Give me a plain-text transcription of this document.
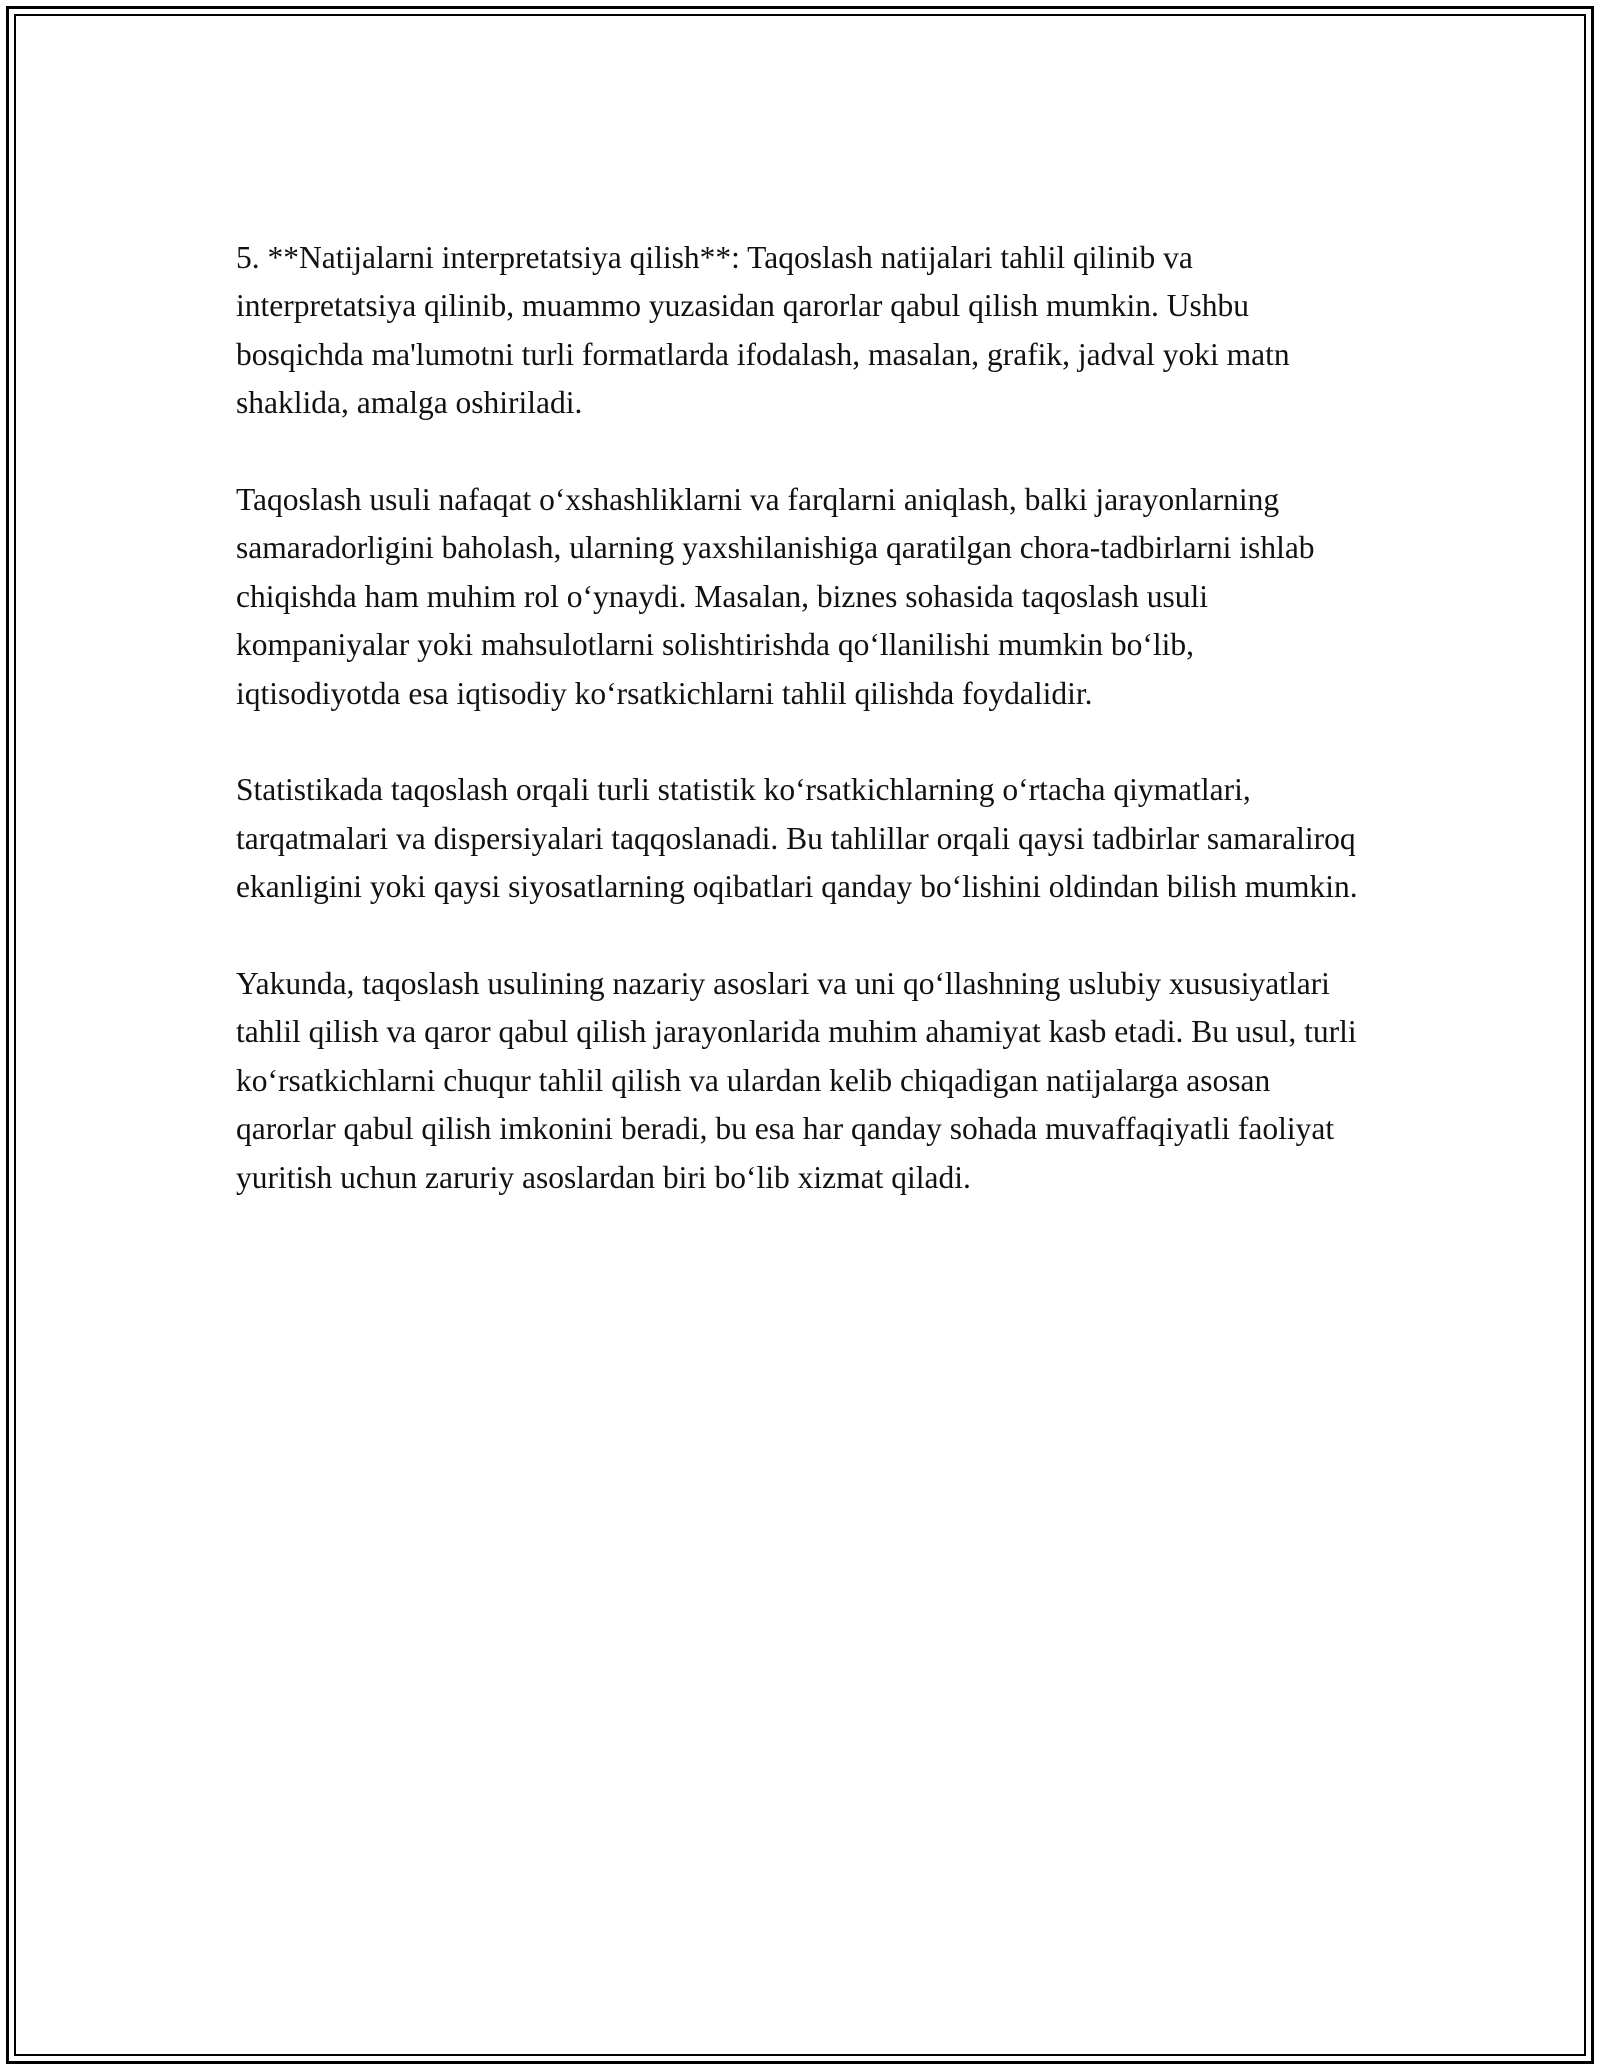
5. **Natijalarni interpretatsiya qilish**: Taqoslash natijalari tahlil qilinib va interpretatsiya qilinib, muammo yuzasidan qarorlar qabul qilish mumkin. Ushbu bosqichda ma'lumotni turli formatlarda ifodalash, masalan, grafik, jadval yoki matn shaklida, amalga oshiriladi.

Taqoslash usuli nafaqat o‘xshashliklarni va farqlarni aniqlash, balki jarayonlarning samaradorligini baholash, ularning yaxshilanishiga qaratilgan chora-tadbirlarni ishlab chiqishda ham muhim rol o‘ynaydi. Masalan, biznes sohasida taqoslash usuli kompaniyalar yoki mahsulotlarni solishtirishda qo‘llanilishi mumkin bo‘lib, iqtisodiyotda esa iqtisodiy ko‘rsatkichlarni tahlil qilishda foydalidir.

Statistikada taqoslash orqali turli statistik ko‘rsatkichlarning o‘rtacha qiymatlari, tarqatmalari va dispersiyalari taqqoslanadi. Bu tahlillar orqali qaysi tadbirlar samaraliroq ekanligini yoki qaysi siyosatlarning oqibatlari qanday bo‘lishini oldindan bilish mumkin.

Yakunda, taqoslash usulining nazariy asoslari va uni qo‘llashning uslubiy xususiyatlari tahlil qilish va qaror qabul qilish jarayonlarida muhim ahamiyat kasb etadi. Bu usul, turli ko‘rsatkichlarni chuqur tahlil qilish va ulardan kelib chiqadigan natijalarga asosan qarorlar qabul qilish imkonini beradi, bu esa har qanday sohada muvaffaqiyatli faoliyat yuritish uchun zaruriy asoslardan biri bo‘lib xizmat qiladi.
